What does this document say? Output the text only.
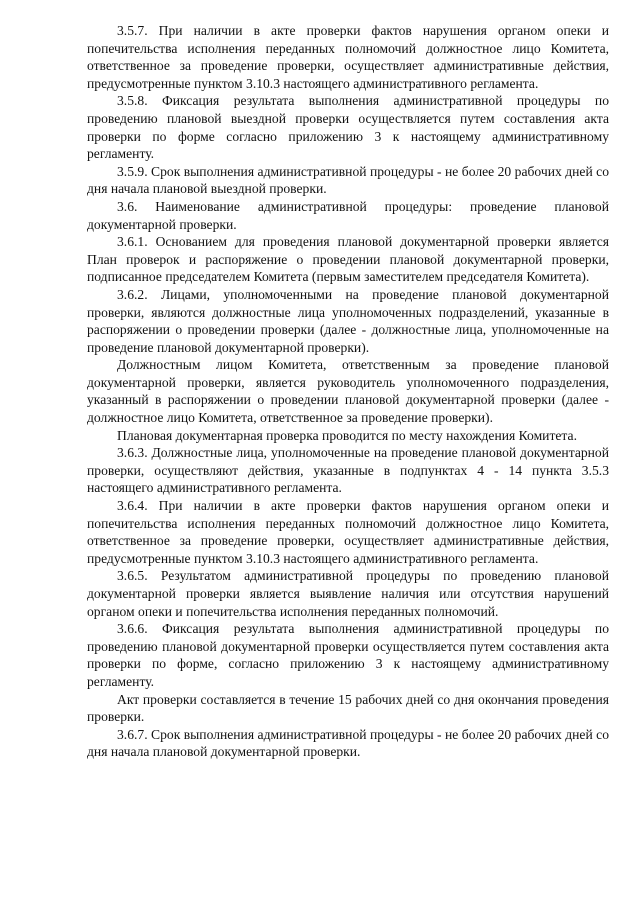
3.5.7. При наличии в акте проверки фактов нарушения органом опеки и попечительства исполнения переданных полномочий должностное лицо Комитета, ответственное за проведение проверки, осуществляет административные действия, предусмотренные пунктом 3.10.3 настоящего административного регламента.

3.5.8. Фиксация результата выполнения административной процедуры по проведению плановой выездной проверки осуществляется путем составления акта проверки по форме согласно приложению 3 к настоящему административному регламенту.

3.5.9. Срок выполнения административной процедуры - не более 20 рабочих дней со дня начала плановой выездной проверки.

3.6. Наименование административной процедуры: проведение плановой документарной проверки.

3.6.1. Основанием для проведения плановой документарной проверки является План проверок и распоряжение о проведении плановой документарной проверки, подписанное председателем Комитета (первым заместителем председателя Комитета).

3.6.2. Лицами, уполномоченными на проведение плановой документарной проверки, являются должностные лица уполномоченных подразделений, указанные в распоряжении о проведении проверки (далее - должностные лица, уполномоченные на проведение плановой документарной проверки).

Должностным лицом Комитета, ответственным за проведение плановой документарной проверки, является руководитель уполномоченного подразделения, указанный в распоряжении о проведении плановой документарной проверки (далее - должностное лицо Комитета, ответственное за проведение проверки).

Плановая документарная проверка проводится по месту нахождения Комитета.

3.6.3. Должностные лица, уполномоченные на проведение плановой документарной проверки, осуществляют действия, указанные в подпунктах 4 - 14 пункта 3.5.3 настоящего административного регламента.

3.6.4. При наличии в акте проверки фактов нарушения органом опеки и попечительства исполнения переданных полномочий должностное лицо Комитета, ответственное за проведение проверки, осуществляет административные действия, предусмотренные пунктом 3.10.3 настоящего административного регламента.

3.6.5. Результатом административной процедуры по проведению плановой документарной проверки является выявление наличия или отсутствия нарушений органом опеки и попечительства исполнения переданных полномочий.

3.6.6. Фиксация результата выполнения административной процедуры по проведению плановой документарной проверки осуществляется путем составления акта проверки по форме, согласно приложению 3 к настоящему административному регламенту.

Акт проверки составляется в течение 15 рабочих дней со дня окончания проведения проверки.

3.6.7. Срок выполнения административной процедуры - не более 20 рабочих дней со дня начала плановой документарной проверки.
